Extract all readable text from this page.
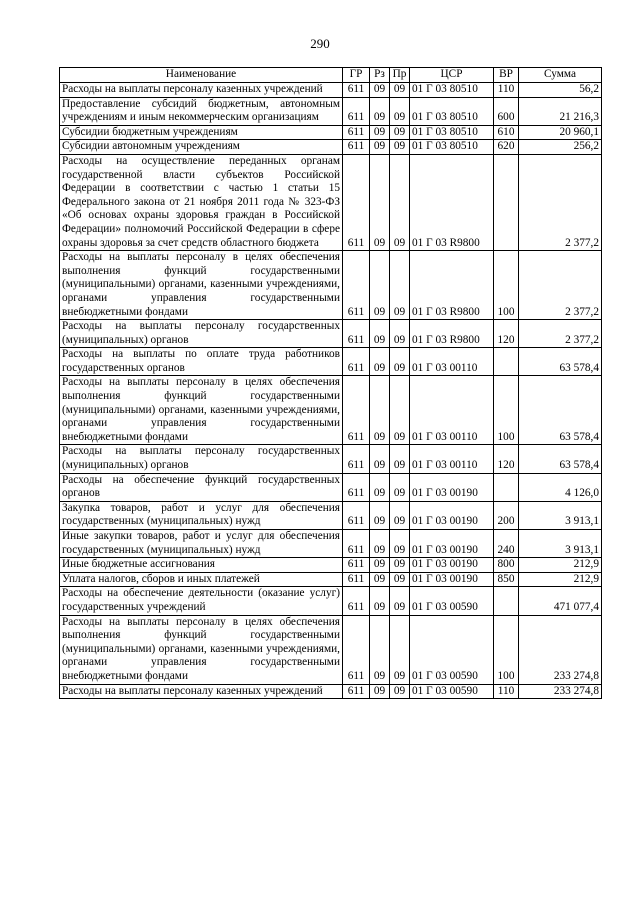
290
Наименование	ГР	Рз	Пр	ЦСР	ВР	Сумма
Расходы на выплаты персоналу казенных учреждений	611	09	09	01 Г 03 80510	110	56,2
Предоставление субсидий бюджетным, автономным учреждениям и иным некоммерческим организациям	611	09	09	01 Г 03 80510	600	21 216,3
Субсидии бюджетным учреждениям	611	09	09	01 Г 03 80510	610	20 960,1
Субсидии автономным учреждениям	611	09	09	01 Г 03 80510	620	256,2
Расходы на осуществление переданных органам государственной власти субъектов Российской Федерации в соответствии с частью 1 статьи 15 Федерального закона от 21 ноября 2011 года № 323-ФЗ «Об основах охраны здоровья граждан в Российской Федерации» полномочий Российской Федерации в сфере охраны здоровья за счет средств областного бюджета	611	09	09	01 Г 03 R9800		2 377,2
Расходы на выплаты персоналу в целях обеспечения выполнения функций государственными (муниципальными) органами, казенными учреждениями, органами управления государственными внебюджетными фондами	611	09	09	01 Г 03 R9800	100	2 377,2
Расходы на выплаты персоналу государственных (муниципальных) органов	611	09	09	01 Г 03 R9800	120	2 377,2
Расходы на выплаты по оплате труда работников государственных органов	611	09	09	01 Г 03 00110		63 578,4
Расходы на выплаты персоналу в целях обеспечения выполнения функций государственными (муниципальными) органами, казенными учреждениями, органами управления государственными внебюджетными фондами	611	09	09	01 Г 03 00110	100	63 578,4
Расходы на выплаты персоналу государственных (муниципальных) органов	611	09	09	01 Г 03 00110	120	63 578,4
Расходы на обеспечение функций государственных органов	611	09	09	01 Г 03 00190		4 126,0
Закупка товаров, работ и услуг для обеспечения государственных (муниципальных) нужд	611	09	09	01 Г 03 00190	200	3 913,1
Иные закупки товаров, работ и услуг для обеспечения государственных (муниципальных) нужд	611	09	09	01 Г 03 00190	240	3 913,1
Иные бюджетные ассигнования	611	09	09	01 Г 03 00190	800	212,9
Уплата налогов, сборов и иных платежей	611	09	09	01 Г 03 00190	850	212,9
Расходы на обеспечение деятельности (оказание услуг) государственных учреждений	611	09	09	01 Г 03 00590		471 077,4
Расходы на выплаты персоналу в целях обеспечения выполнения функций государственными (муниципальными) органами, казенными учреждениями, органами управления государственными внебюджетными фондами	611	09	09	01 Г 03 00590	100	233 274,8
Расходы на выплаты персоналу казенных учреждений	611	09	09	01 Г 03 00590	110	233 274,8
